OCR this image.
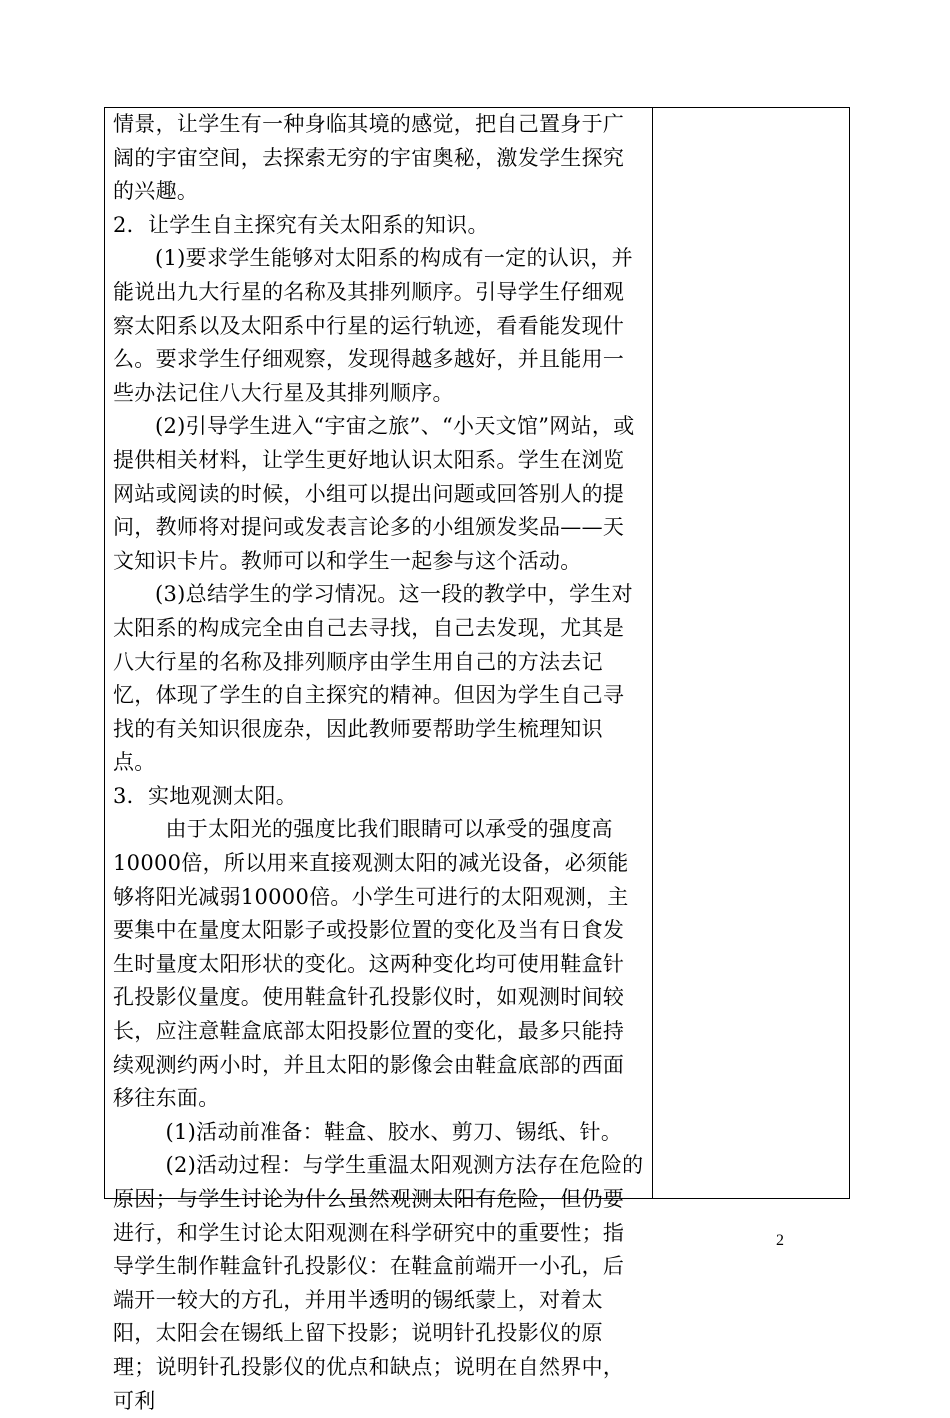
情景，让学生有一种身临其境的感觉，把自己置身于广阔的宇宙空间，去探索无穷的宇宙奥秘，激发学生探究的兴趣。

2．让学生自主探究有关太阳系的知识。

(1)要求学生能够对太阳系的构成有一定的认识，并能说出九大行星的名称及其排列顺序。引导学生仔细观察太阳系以及太阳系中行星的运行轨迹，看看能发现什么。要求学生仔细观察，发现得越多越好，并且能用一些办法记住八大行星及其排列顺序。

(2)引导学生进入“宇宙之旅”、“小天文馆”网站，或提供相关材料，让学生更好地认识太阳系。学生在浏览网站或阅读的时候，小组可以提出问题或回答别人的提问，教师将对提问或发表言论多的小组颁发奖品——天文知识卡片。教师可以和学生一起参与这个活动。

(3)总结学生的学习情况。这一段的教学中，学生对太阳系的构成完全由自己去寻找，自己去发现，尤其是八大行星的名称及排列顺序由学生用自己的方法去记忆，体现了学生的自主探究的精神。但因为学生自己寻找的有关知识很庞杂，因此教师要帮助学生梳理知识点。

3．实地观测太阳。

由于太阳光的强度比我们眼睛可以承受的强度高10000倍，所以用来直接观测太阳的减光设备，必须能够将阳光减弱10000倍。小学生可进行的太阳观测，主要集中在量度太阳影子或投影位置的变化及当有日食发生时量度太阳形状的变化。这两种变化均可使用鞋盒针孔投影仪量度。使用鞋盒针孔投影仪时，如观测时间较长，应注意鞋盒底部太阳投影位置的变化，最多只能持续观测约两小时，并且太阳的影像会由鞋盒底部的西面移往东面。

(1)活动前准备：鞋盒、胶水、剪刀、锡纸、针。

(2)活动过程：与学生重温太阳观测方法存在危险的原因；与学生讨论为什么虽然观测太阳有危险，但仍要进行，和学生讨论太阳观测在科学研究中的重要性；指导学生制作鞋盒针孔投影仪：在鞋盒前端开一小孔，后端开一较大的方孔，并用半透明的锡纸蒙上，对着太阳，太阳会在锡纸上留下投影；说明针孔投影仪的原理；说明针孔投影仪的优点和缺点；说明在自然界中，可利

2
